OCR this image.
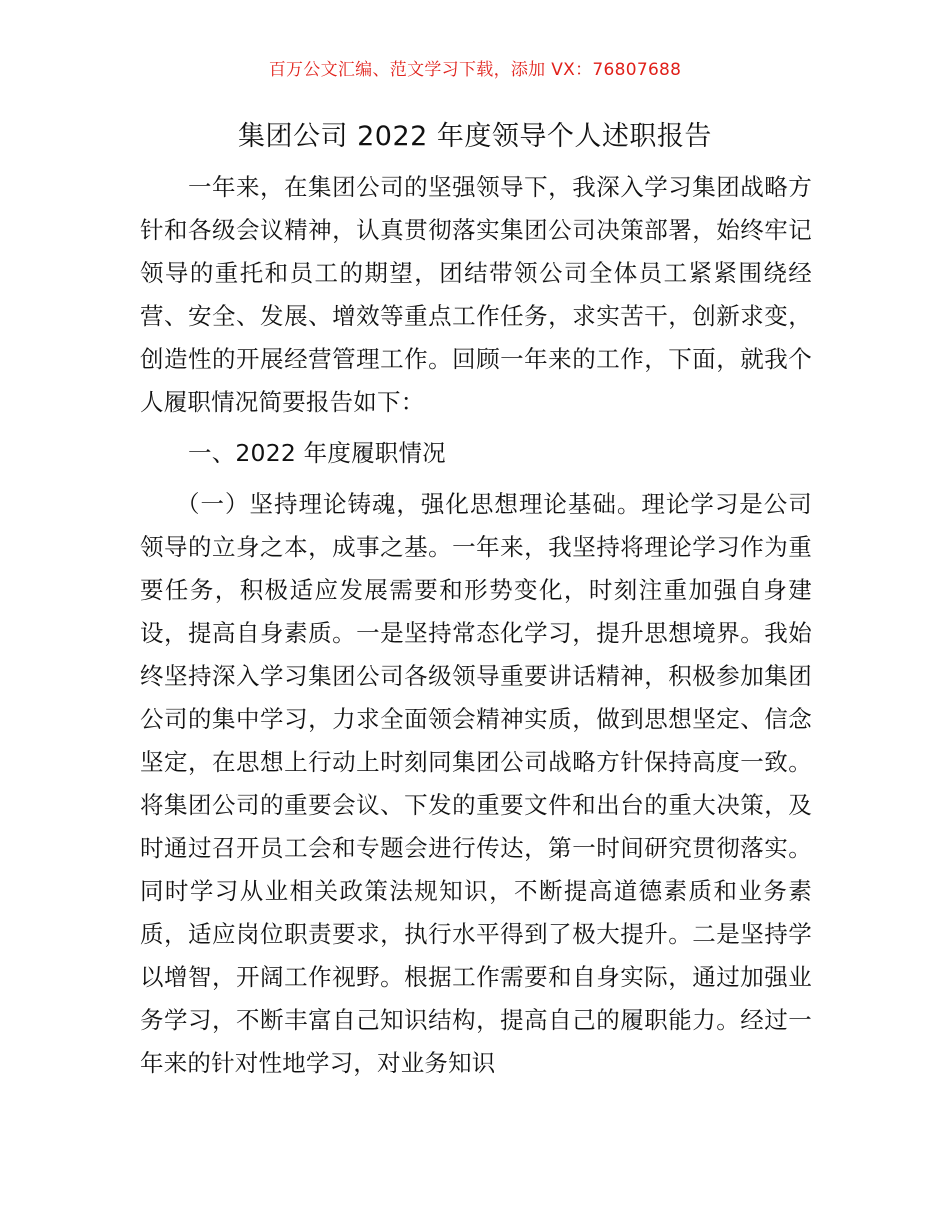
百万公文汇编、范文学习下载，添加 VX：76807688
集团公司 2022 年度领导个人述职报告

一年来，在集团公司的坚强领导下，我深入学习集团战略方针和各级会议精神，认真贯彻落实集团公司决策部署，始终牢记领导的重托和员工的期望，团结带领公司全体员工紧紧围绕经营、安全、发展、增效等重点工作任务，求实苦干，创新求变，创造性的开展经营管理工作。回顾一年来的工作，下面，就我个人履职情况简要报告如下：

一、2022 年度履职情况

（一）坚持理论铸魂，强化思想理论基础。理论学习是公司领导的立身之本，成事之基。一年来，我坚持将理论学习作为重要任务，积极适应发展需要和形势变化，时刻注重加强自身建设，提高自身素质。一是坚持常态化学习，提升思想境界。我始终坚持深入学习集团公司各级领导重要讲话精神，积极参加集团公司的集中学习，力求全面领会精神实质，做到思想坚定、信念坚定，在思想上行动上时刻同集团公司战略方针保持高度一致。将集团公司的重要会议、下发的重要文件和出台的重大决策，及时通过召开员工会和专题会进行传达，第一时间研究贯彻落实。同时学习从业相关政策法规知识，不断提高道德素质和业务素质，适应岗位职责要求，执行水平得到了极大提升。二是坚持学以增智，开阔工作视野。根据工作需要和自身实际，通过加强业务学习，不断丰富自己知识结构，提高自己的履职能力。经过一年来的针对性地学习，对业务知识
